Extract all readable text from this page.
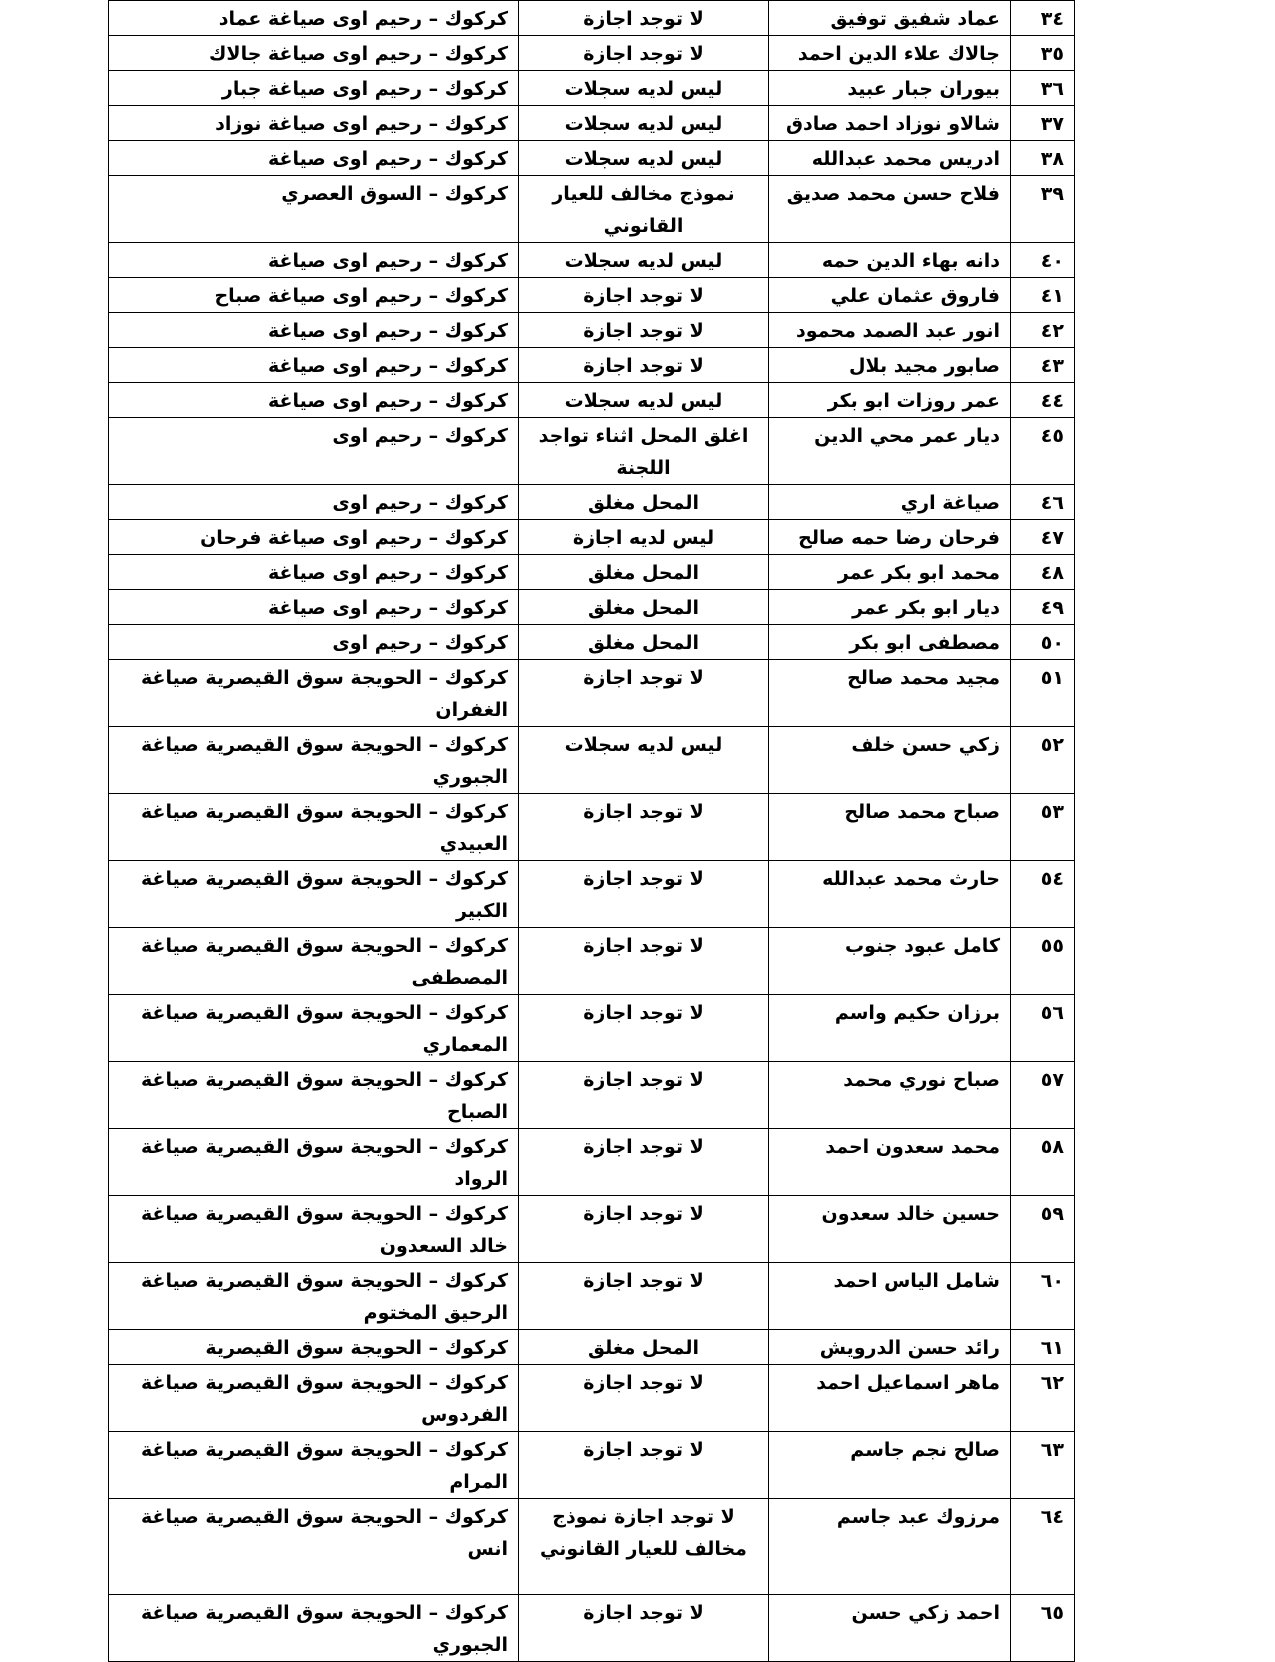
٣٤	عماد شفيق توفيق	لا توجد اجازة	كركوك – رحيم اوى صياغة عماد
٣٥	جالاك علاء الدين احمد	لا توجد اجازة	كركوك – رحيم اوى صياغة جالاك
٣٦	بيوران جبار عبيد	ليس لديه سجلات	كركوك – رحيم اوى صياغة جبار
٣٧	شالاو نوزاد احمد صادق	ليس لديه سجلات	كركوك – رحيم اوى صياغة نوزاد
٣٨	ادريس محمد عبدالله	ليس لديه سجلات	كركوك – رحيم اوى صياغة
٣٩	فلاح حسن محمد صديق	نموذج مخالف للعيار القانوني	كركوك – السوق العصري
٤٠	دانه بهاء الدين حمه	ليس لديه سجلات	كركوك – رحيم اوى صياغة
٤١	فاروق عثمان علي	لا توجد اجازة	كركوك – رحيم اوى صياغة صباح
٤٢	انور عبد الصمد محمود	لا توجد اجازة	كركوك – رحيم اوى صياغة
٤٣	صابور مجيد بلال	لا توجد اجازة	كركوك – رحيم اوى صياغة
٤٤	عمر روزات ابو بكر	ليس لديه سجلات	كركوك – رحيم اوى صياغة
٤٥	ديار عمر محي الدين	اغلق المحل اثناء تواجد اللجنة	كركوك – رحيم اوى
٤٦	صياغة اري	المحل مغلق	كركوك – رحيم اوى
٤٧	فرحان رضا حمه صالح	ليس لديه اجازة	كركوك – رحيم اوى صياغة فرحان
٤٨	محمد ابو بكر عمر	المحل مغلق	كركوك – رحيم اوى صياغة
٤٩	ديار ابو بكر عمر	المحل مغلق	كركوك – رحيم اوى صياغة
٥٠	مصطفى ابو بكر	المحل مغلق	كركوك – رحيم اوى
٥١	مجيد محمد صالح	لا توجد اجازة	كركوك – الحويجة سوق القيصرية صياغة الغفران
٥٢	زكي حسن خلف	ليس لديه سجلات	كركوك – الحويجة سوق القيصرية صياغة الجبوري
٥٣	صباح محمد صالح	لا توجد اجازة	كركوك – الحويجة سوق القيصرية صياغة العبيدي
٥٤	حارث محمد عبدالله	لا توجد اجازة	كركوك – الحويجة سوق القيصرية صياغة الكبير
٥٥	كامل عبود جنوب	لا توجد اجازة	كركوك – الحويجة سوق القيصرية صياغة المصطفى
٥٦	برزان حكيم واسم	لا توجد اجازة	كركوك – الحويجة سوق القيصرية صياغة المعماري
٥٧	صباح نوري محمد	لا توجد اجازة	كركوك – الحويجة سوق القيصرية صياغة الصباح
٥٨	محمد سعدون احمد	لا توجد اجازة	كركوك – الحويجة سوق القيصرية صياغة الرواد
٥٩	حسين خالد سعدون	لا توجد اجازة	كركوك – الحويجة سوق القيصرية صياغة خالد السعدون
٦٠	شامل الياس احمد	لا توجد اجازة	كركوك – الحويجة سوق القيصرية صياغة الرحيق المختوم
٦١	رائد حسن الدرويش	المحل مغلق	كركوك – الحويجة سوق القيصرية
٦٢	ماهر اسماعيل احمد	لا توجد اجازة	كركوك – الحويجة سوق القيصرية صياغة الفردوس
٦٣	صالح نجم جاسم	لا توجد اجازة	كركوك – الحويجة سوق القيصرية صياغة المرام
٦٤	مرزوك عبد جاسم	لا توجد اجازة نموذج مخالف للعيار القانوني	كركوك – الحويجة سوق القيصرية صياغة انس
٦٥	احمد زكي حسن	لا توجد اجازة	كركوك – الحويجة سوق القيصرية صياغة الجبوري
